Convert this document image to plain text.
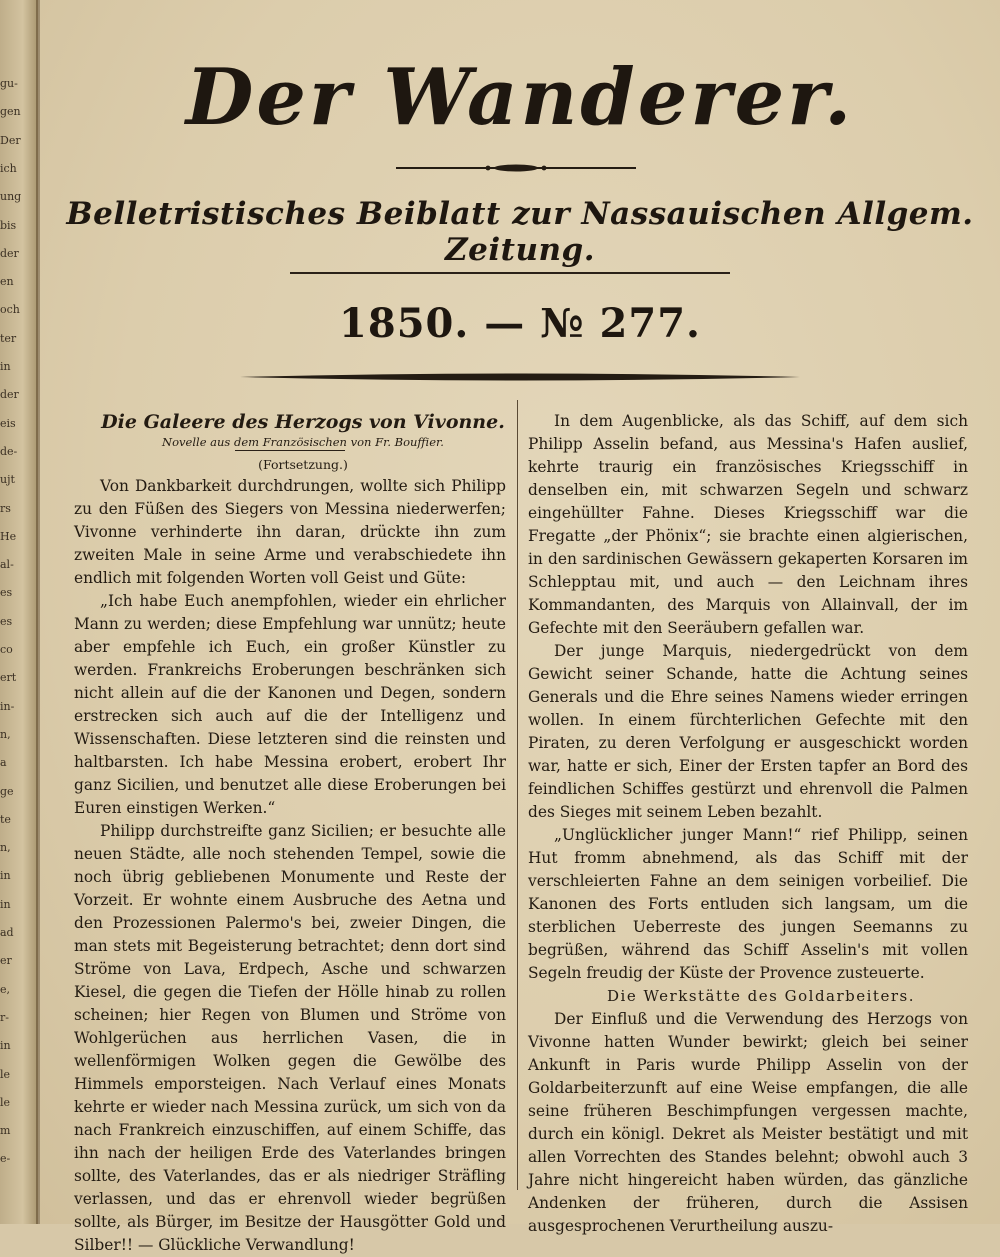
gu-
gen
Der
ich
ung
bis
der
en
och
ter
in
der
eis
de-
ujt
rs
He
al-
es
es
co
ert
in-
n,
a
ge
te
n,
in
in
ad
er
e,
r-
in
le
le
m
e-
Der Wanderer.
Belletristisches Beiblatt zur Nassauischen Allgem. Zeitung.
1850. — № 277.

Die Galeere des Herzogs von Vivonne.

Novelle aus dem Französischen von Fr. Bouffier.

(Fortsetzung.)

Von Dankbarkeit durchdrungen, wollte sich Philipp zu den Füßen des Siegers von Messina niederwerfen; Vivonne verhinderte ihn daran, drückte ihn zum zweiten Male in seine Arme und verabschiedete ihn endlich mit folgenden Worten voll Geist und Güte:

„Ich habe Euch anempfohlen, wieder ein ehrlicher Mann zu werden; diese Empfehlung war unnütz; heute aber empfehle ich Euch, ein großer Künstler zu werden. Frankreichs Eroberungen beschränken sich nicht allein auf die der Kanonen und Degen, sondern erstrecken sich auch auf die der Intelligenz und Wissenschaften. Diese letzteren sind die reinsten und haltbarsten. Ich habe Messina erobert, erobert Ihr ganz Sicilien, und benutzet alle diese Eroberungen bei Euren einstigen Werken.“

Philipp durchstreifte ganz Sicilien; er besuchte alle neuen Städte, alle noch stehenden Tempel, sowie die noch übrig gebliebenen Monumente und Reste der Vorzeit. Er wohnte einem Ausbruche des Aetna und den Prozessionen Palermo's bei, zweier Dingen, die man stets mit Begeisterung betrachtet; denn dort sind Ströme von Lava, Erdpech, Asche und schwarzen Kiesel, die gegen die Tiefen der Hölle hinab zu rollen scheinen; hier Regen von Blumen und Ströme von Wohlgerüchen aus herrlichen Vasen, die in wellenförmigen Wolken gegen die Gewölbe des Himmels emporsteigen. Nach Verlauf eines Monats kehrte er wieder nach Messina zurück, um sich von da nach Frankreich einzuschiffen, auf einem Schiffe, das ihn nach der heiligen Erde des Vaterlandes bringen sollte, des Vaterlandes, das er als niedriger Sträfling verlassen, und das er ehrenvoll wieder begrüßen sollte, als Bürger, im Besitze der Hausgötter Gold und Silber!! — Glückliche Verwandlung!

In dem Augenblicke, als das Schiff, auf dem sich Philipp Asselin befand, aus Messina's Hafen auslief, kehrte traurig ein französisches Kriegsschiff in denselben ein, mit schwarzen Segeln und schwarz eingehüllter Fahne. Dieses Kriegsschiff war die Fregatte „der Phönix“; sie brachte einen algierischen, in den sardinischen Gewässern gekaperten Korsaren im Schlepptau mit, und auch — den Leichnam ihres Kommandanten, des Marquis von Allainvall, der im Gefechte mit den Seeräubern gefallen war.

Der junge Marquis, niedergedrückt von dem Gewicht seiner Schande, hatte die Achtung seines Generals und die Ehre seines Namens wieder erringen wollen. In einem fürchterlichen Gefechte mit den Piraten, zu deren Verfolgung er ausgeschickt worden war, hatte er sich, Einer der Ersten tapfer an Bord des feindlichen Schiffes gestürzt und ehrenvoll die Palmen des Sieges mit seinem Leben bezahlt.

„Unglücklicher junger Mann!“ rief Philipp, seinen Hut fromm abnehmend, als das Schiff mit der verschleierten Fahne an dem seinigen vorbeilief. Die Kanonen des Forts entluden sich langsam, um die sterblichen Ueberreste des jungen Seemanns zu begrüßen, während das Schiff Asselin's mit vollen Segeln freudig der Küste der Provence zusteuerte.

Die Werkstätte des Goldarbeiters.

Der Einfluß und die Verwendung des Herzogs von Vivonne hatten Wunder bewirkt; gleich bei seiner Ankunft in Paris wurde Philipp Asselin von der Goldarbeiterzunft auf eine Weise empfangen, die alle seine früheren Beschimpfungen vergessen machte, durch ein königl. Dekret als Meister bestätigt und mit allen Vorrechten des Standes belehnt; obwohl auch 3 Jahre nicht hingereicht haben würden, das gänzliche Andenken der früheren, durch die Assisen ausgesprochenen Verurtheilung auszu-
